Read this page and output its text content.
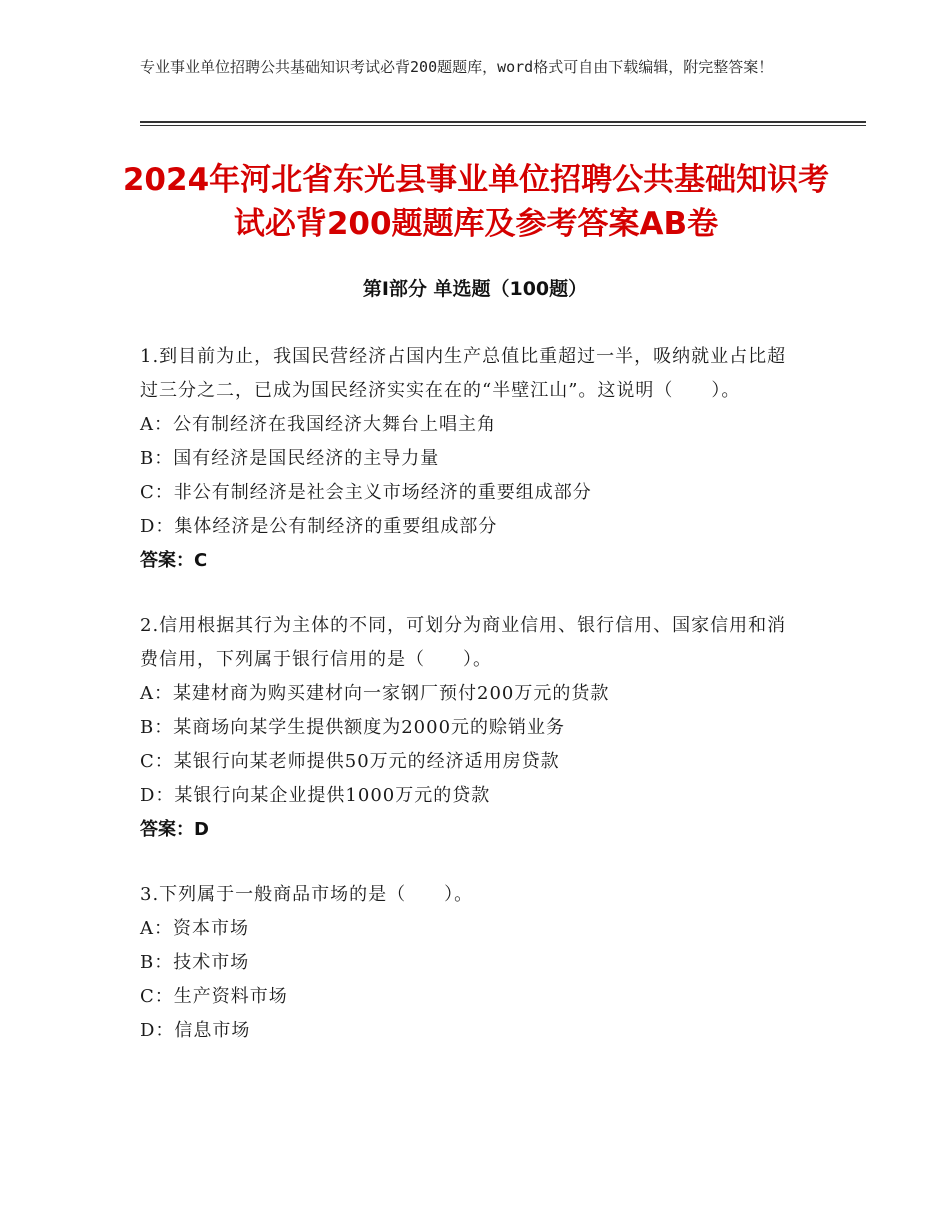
专业事业单位招聘公共基础知识考试必背200题题库，word格式可自由下载编辑，附完整答案！
2024年河北省东光县事业单位招聘公共基础知识考试必背200题题库及参考答案AB卷
第Ⅰ部分 单选题（100题）
1.到目前为止，我国民营经济占国内生产总值比重超过一半，吸纳就业占比超过三分之二，已成为国民经济实实在在的“半壁江山”。这说明（　　）。
A：公有制经济在我国经济大舞台上唱主角
B：国有经济是国民经济的主导力量
C：非公有制经济是社会主义市场经济的重要组成部分
D：集体经济是公有制经济的重要组成部分
答案：C
2.信用根据其行为主体的不同，可划分为商业信用、银行信用、国家信用和消费信用，下列属于银行信用的是（　　）。
A：某建材商为购买建材向一家钢厂预付200万元的货款
B：某商场向某学生提供额度为2000元的赊销业务
C：某银行向某老师提供50万元的经济适用房贷款
D：某银行向某企业提供1000万元的贷款
答案：D
3.下列属于一般商品市场的是（　　）。
A：资本市场
B：技术市场
C：生产资料市场
D：信息市场
